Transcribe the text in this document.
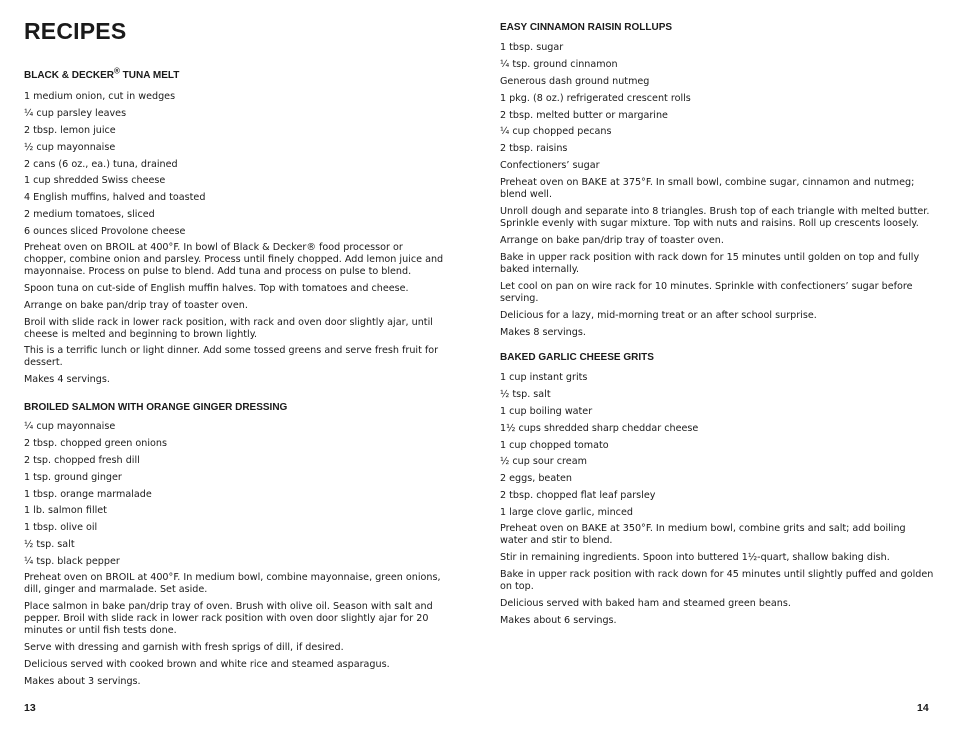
RECIPES
BLACK & DECKER® TUNA MELT
1 medium onion, cut in wedges
¼ cup parsley leaves
2 tbsp. lemon juice
½ cup mayonnaise
2 cans (6 oz., ea.) tuna, drained
1 cup shredded Swiss cheese
4 English muffins, halved and toasted
2 medium tomatoes, sliced
6 ounces sliced Provolone cheese

Preheat oven on BROIL at 400°F. In bowl of Black & Decker® food processor or chopper, combine onion and parsley. Process until finely chopped. Add lemon juice and mayonnaise. Process on pulse to blend. Add tuna and process on pulse to blend.

Spoon tuna on cut-side of English muffin halves. Top with tomatoes and cheese.

Arrange on bake pan/drip tray of toaster oven.

Broil with slide rack in lower rack position, with rack and oven door slightly ajar, until cheese is melted and beginning to brown lightly.

This is a terrific lunch or light dinner. Add some tossed greens and serve fresh fruit for dessert.

Makes 4 servings.

BROILED SALMON WITH ORANGE GINGER DRESSING
¼ cup mayonnaise
2 tbsp. chopped green onions
2 tsp. chopped fresh dill
1 tsp. ground ginger
1 tbsp. orange marmalade
1 lb. salmon fillet
1 tbsp. olive oil
½ tsp. salt
¼ tsp. black pepper

Preheat oven on BROIL at 400°F. In medium bowl, combine mayonnaise, green onions, dill, ginger and marmalade. Set aside.

Place salmon in bake pan/drip tray of oven. Brush with olive oil. Season with salt and pepper. Broil with slide rack in lower rack position with oven door slightly ajar for 20 minutes or until fish tests done.

Serve with dressing and garnish with fresh sprigs of dill, if desired.

Delicious served with cooked brown and white rice and steamed asparagus.

Makes about 3 servings.

13
EASY CINNAMON RAISIN ROLLUPS
1 tbsp. sugar
¼ tsp. ground cinnamon
Generous dash ground nutmeg
1 pkg. (8 oz.) refrigerated crescent rolls
2 tbsp. melted butter or margarine
¼ cup chopped pecans
2 tbsp. raisins
Confectioners’ sugar

Preheat oven on BAKE at 375°F. In small bowl, combine sugar, cinnamon and nutmeg; blend well.

Unroll dough and separate into 8 triangles. Brush top of each triangle with melted butter. Sprinkle evenly with sugar mixture. Top with nuts and raisins. Roll up crescents loosely.

Arrange on bake pan/drip tray of toaster oven.

Bake in upper rack position with rack down for 15 minutes until golden on top and fully baked internally.

Let cool on pan on wire rack for 10 minutes. Sprinkle with confectioners’ sugar before serving.

Delicious for a lazy, mid-morning treat or an after school surprise.

Makes 8 servings.

BAKED GARLIC CHEESE GRITS
1 cup instant grits
½ tsp. salt
1 cup boiling water
1½ cups shredded sharp cheddar cheese
1 cup chopped tomato
½ cup sour cream
2 eggs, beaten
2 tbsp. chopped flat leaf parsley
1 large clove garlic, minced

Preheat oven on BAKE at 350°F. In medium bowl, combine grits and salt; add boiling water and stir to blend.

Stir in remaining ingredients. Spoon into buttered 1½-quart, shallow baking dish.

Bake in upper rack position with rack down for 45 minutes until slightly puffed and golden on top.

Delicious served with baked ham and steamed green beans.

Makes about 6 servings.

14
